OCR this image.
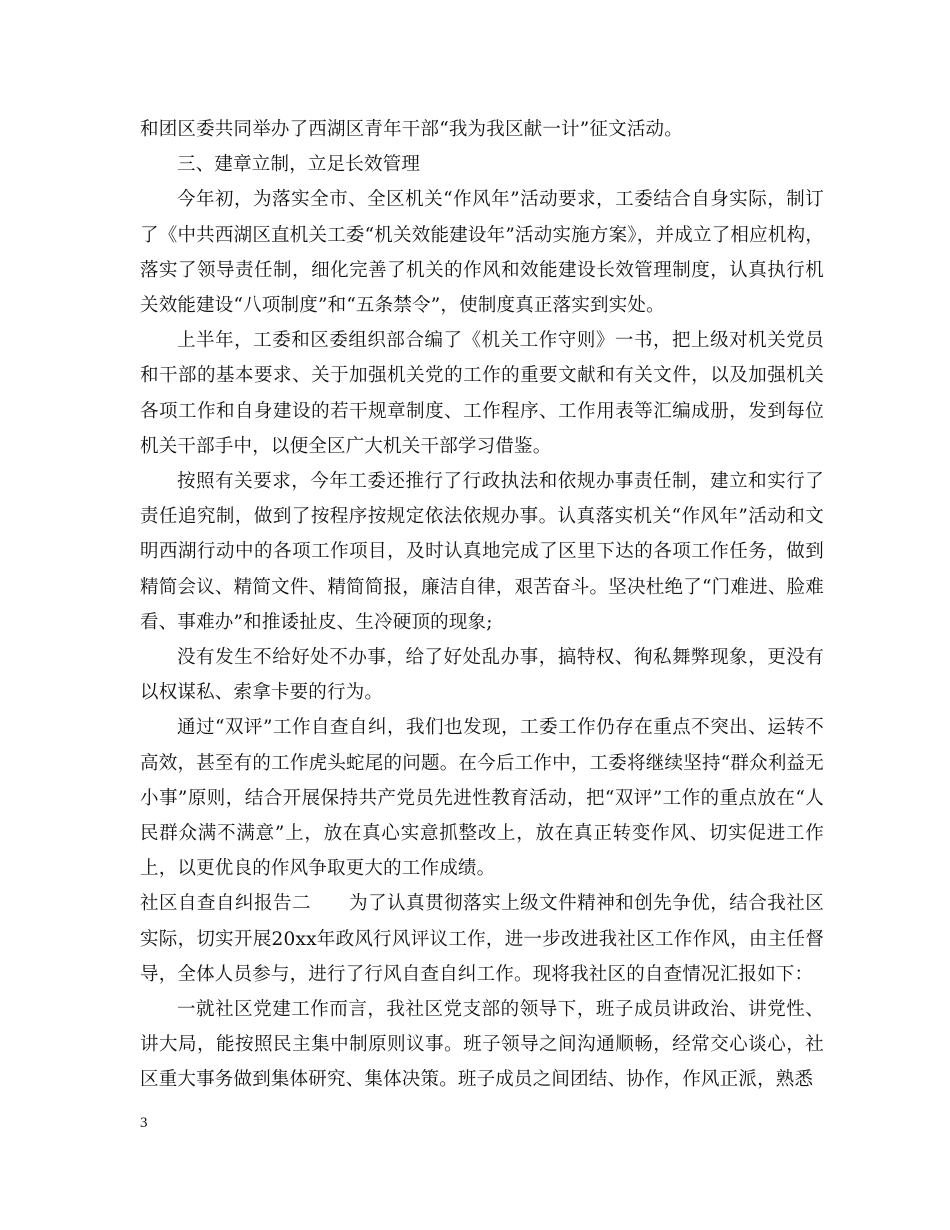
和团区委共同举办了西湖区青年干部“我为我区献一计”征文活动。

三、建章立制，立足长效管理

今年初，为落实全市、全区机关“作风年”活动要求，工委结合自身实际，制订了《中共西湖区直机关工委“机关效能建设年”活动实施方案》，并成立了相应机构，落实了领导责任制，细化完善了机关的作风和效能建设长效管理制度，认真执行机关效能建设“八项制度”和“五条禁令”，使制度真正落实到实处。

上半年，工委和区委组织部合编了《机关工作守则》一书，把上级对机关党员和干部的基本要求、关于加强机关党的工作的重要文献和有关文件，以及加强机关各项工作和自身建设的若干规章制度、工作程序、工作用表等汇编成册，发到每位机关干部手中，以便全区广大机关干部学习借鉴。

按照有关要求，今年工委还推行了行政执法和依规办事责任制，建立和实行了责任追究制，做到了按程序按规定依法依规办事。认真落实机关“作风年”活动和文明西湖行动中的各项工作项目，及时认真地完成了区里下达的各项工作任务，做到精简会议、精简文件、精简简报，廉洁自律，艰苦奋斗。坚决杜绝了“门难进、脸难看、事难办”和推诿扯皮、生冷硬顶的现象;

没有发生不给好处不办事，给了好处乱办事，搞特权、徇私舞弊现象，更没有以权谋私、索拿卡要的行为。

通过“双评”工作自查自纠，我们也发现，工委工作仍存在重点不突出、运转不高效，甚至有的工作虎头蛇尾的问题。在今后工作中，工委将继续坚持“群众利益无小事”原则，结合开展保持共产党员先进性教育活动，把“双评”工作的重点放在“人民群众满不满意”上，放在真心实意抓整改上，放在真正转变作风、切实促进工作上，以更优良的作风争取更大的工作成绩。

社区自查自纠报告二　　为了认真贯彻落实上级文件精神和创先争优，结合我社区实际，切实开展20xx年政风行风评议工作，进一步改进我社区工作作风，由主任督导，全体人员参与，进行了行风自查自纠工作。现将我社区的自查情况汇报如下：

一就社区党建工作而言，我社区党支部的领导下，班子成员讲政治、讲党性、讲大局，能按照民主集中制原则议事。班子领导之间沟通顺畅，经常交心谈心，社区重大事务做到集体研究、集体决策。班子成员之间团结、协作，作风正派，熟悉

3
